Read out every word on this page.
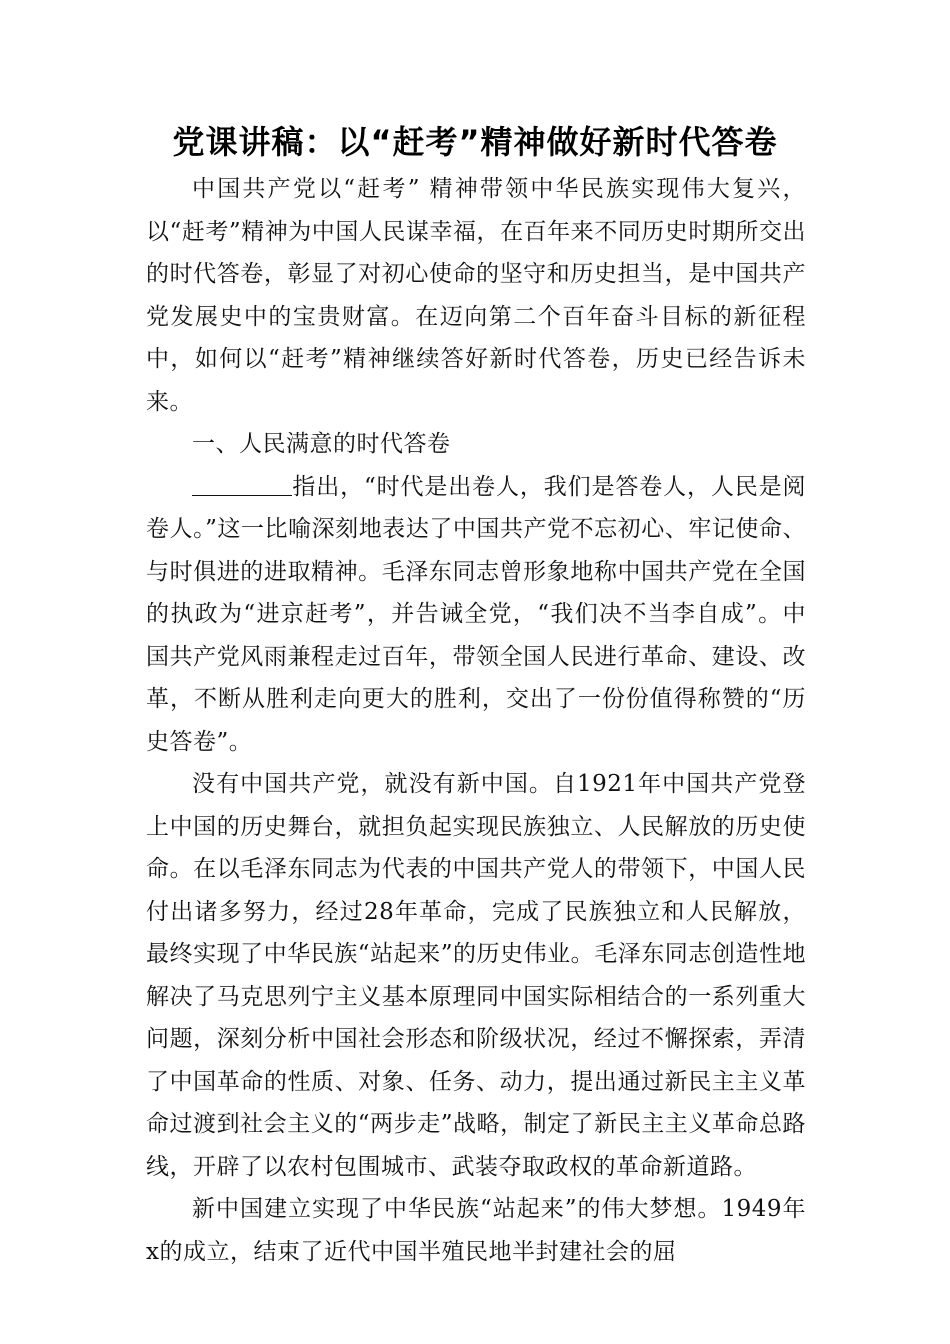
党课讲稿：以“赶考”精神做好新时代答卷

中国共产党以“赶考” 精神带领中华民族实现伟大复兴，以“赶考”精神为中国人民谋幸福，在百年来不同历史时期所交出的时代答卷，彰显了对初心使命的坚守和历史担当，是中国共产党发展史中的宝贵财富。在迈向第二个百年奋斗目标的新征程中，如何以“赶考”精神继续答好新时代答卷，历史已经告诉未来。

一、人民满意的时代答卷

指出，“时代是出卷人，我们是答卷人，人民是阅卷人。”这一比喻深刻地表达了中国共产党不忘初心、牢记使命、与时俱进的进取精神。毛泽东同志曾形象地称中国共产党在全国的执政为“进京赶考”，并告诫全党，“我们决不当李自成”。中国共产党风雨兼程走过百年，带领全国人民进行革命、建设、改革，不断从胜利走向更大的胜利，交出了一份份值得称赞的“历史答卷”。

没有中国共产党，就没有新中国。自1921年中国共产党登上中国的历史舞台，就担负起实现民族独立、人民解放的历史使命。在以毛泽东同志为代表的中国共产党人的带领下，中国人民付出诸多努力，经过28年革命，完成了民族独立和人民解放，最终实现了中华民族“站起来”的历史伟业。毛泽东同志创造性地解决了马克思列宁主义基本原理同中国实际相结合的一系列重大问题，深刻分析中国社会形态和阶级状况，经过不懈探索，弄清了中国革命的性质、对象、任务、动力，提出通过新民主主义革命过渡到社会主义的“两步走”战略，制定了新民主主义革命总路线，开辟了以农村包围城市、武装夺取政权的革命新道路。

新中国建立实现了中华民族“站起来”的伟大梦想。1949年x的成立，结束了近代中国半殖民地半封建社会的屈
